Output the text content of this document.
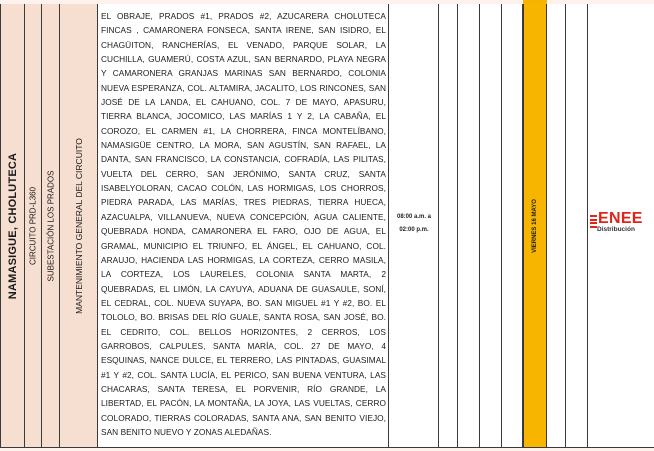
NAMASIGUE, CHOLUTECA CIRCUITO PRD-L360 SUBESTACIÓN LOS PRADOS MANTENIMIENTO GENERAL DEL CIRCUITO
EL OBRAJE, PRADOS #1, PRADOS #2, AZUCARERA CHOLUTECA FINCAS , CAMARONERA FONSECA, SANTA IRENE, SAN ISIDRO, EL CHAGÜITON, RANCHERÍAS, EL VENADO, PARQUE SOLAR, LA CUCHILLA, GUAMERÚ, COSTA AZUL, SAN BERNARDO, PLAYA NEGRA Y CAMARONERA GRANJAS MARINAS SAN BERNARDO, COLONIA NUEVA ESPERANZA, COL. ALTAMIRA, JACALITO, LOS RINCONES, SAN JOSÉ DE LA LANDA, EL CAHUANO, COL. 7 DE MAYO, APASURU, TIERRA BLANCA, JOCOMICO, LAS MARÍAS 1 Y 2, LA CABAÑA, EL COROZO, EL CARMEN #1, LA CHORRERA, FINCA MONTELÍBANO, NAMASIGÜE CENTRO, LA MORA, SAN AGUSTÍN, SAN RAFAEL, LA DANTA, SAN FRANCISCO, LA CONSTANCIA, COFRADÍA, LAS PILITAS, VUELTA DEL CERRO, SAN JERÓNIMO, SANTA CRUZ, SANTA ISABELYOLORAN, CACAO COLÓN, LAS HORMIGAS, LOS CHORROS, PIEDRA PARADA, LAS MARÍAS, TRES PIEDRAS, TIERRA HUECA, AZACUALPA, VILLANUEVA, NUEVA CONCEPCIÓN, AGUA CALIENTE, QUEBRADA HONDA, CAMARONERA EL FARO, OJO DE AGUA, EL GRAMAL, MUNICIPIO EL TRIUNFO, EL ÁNGEL, EL CAHUANO, COL. ARAUJO, HACIENDA LAS HORMIGAS, LA CORTEZA, CERRO MASILA, LA CORTEZA, LOS LAURELES, COLONIA SANTA MARTA, 2 QUEBRADAS, EL LIMÓN, LA CAYUYA, ADUANA DE GUASAULE, SONÍ, EL CEDRAL, COL. NUEVA SUYAPA, BO. SAN MIGUEL #1 Y #2, BO. EL TOLOLO, BO. BRISAS DEL RÍO GUALE, SANTA ROSA, SAN JOSÉ, BO. EL CEDRITO, COL. BELLOS HORIZONTES, 2 CERROS, LOS GARROBOS, CALPULES, SANTA MARÍA, COL. 27 DE MAYO, 4 ESQUINAS, NANCE DULCE, EL TERRERO, LAS PINTADAS, GUASIMAL #1 Y #2, COL. SANTA LUCÍA, EL PERICO, SAN BUENA VENTURA, LAS CHACARAS, SANTA TERESA, EL PORVENIR, RÍO GRANDE, LA LIBERTAD, EL PACÓN, LA MONTAÑA, LA JOYA, LAS VUELTAS, CERRO COLORADO, TIERRAS COLORADAS, SANTA ANA, SAN BENITO VIEJO, SAN BENITO NUEVO Y ZONAS ALEDAÑAS.
08:00 a.m. a
02:00 p.m.	VIERNES 16 MAYO	ENEE
Distribución
